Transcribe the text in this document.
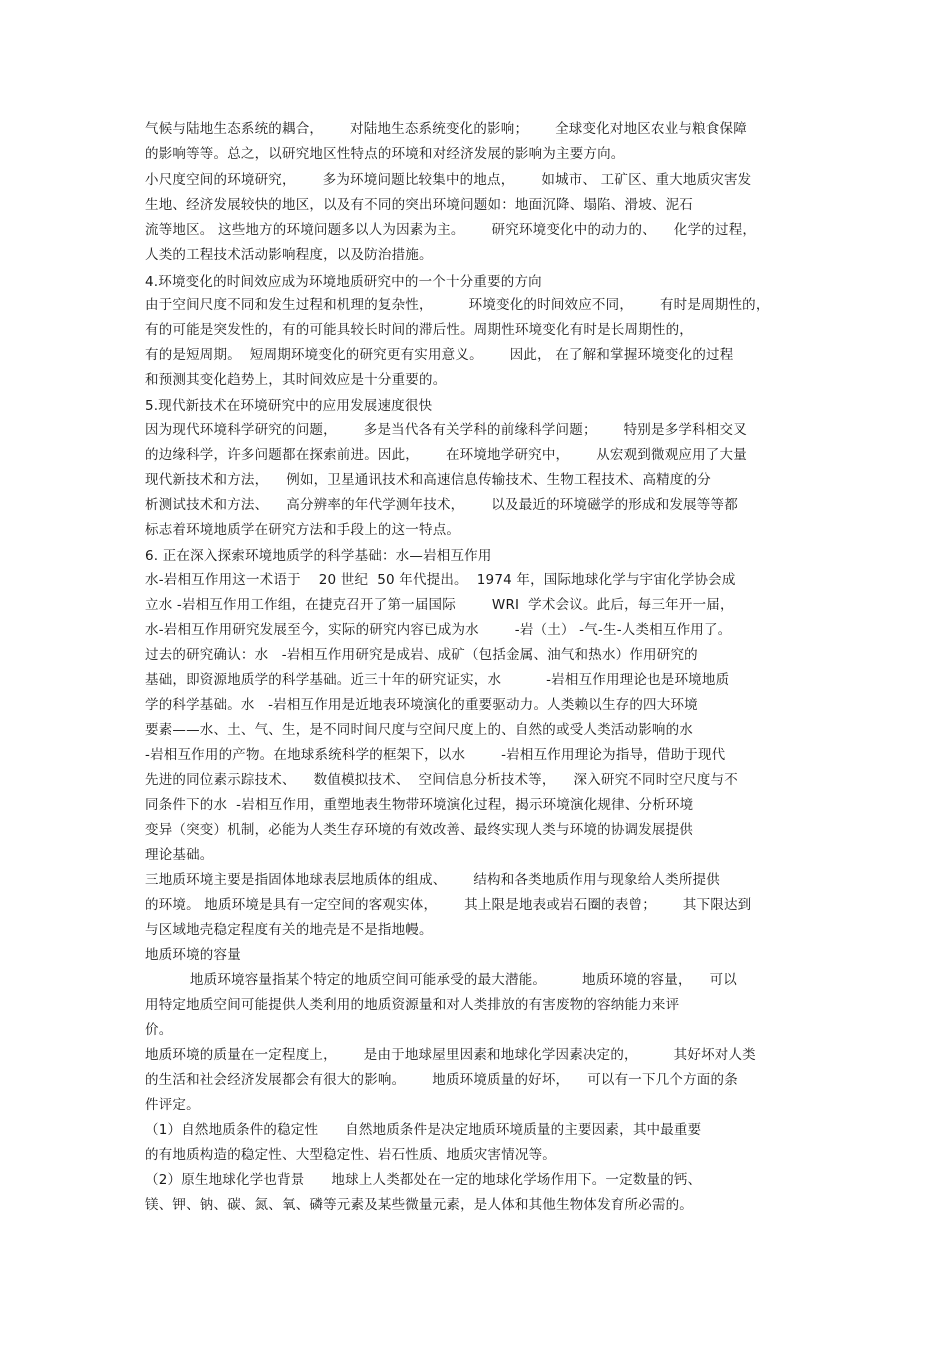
气候与陆地生态系统的耦合，      对陆地生态系统变化的影响；      全球变化对地区农业与粮食保障
的影响等等。总之，以研究地区性特点的环境和对经济发展的影响为主要方向。
小尺度空间的环境研究，      多为环境问题比较集中的地点，      如城市、 工矿区、重大地质灾害发
生地、经济发展较快的地区，以及有不同的突出环境问题如：地面沉降、塌陷、滑坡、泥石
流等地区。 这些地方的环境问题多以人为因素为主。      研究环境变化中的动力的、    化学的过程，
人类的工程技术活动影响程度，以及防治措施。
4.环境变化的时间效应成为环境地质研究中的一个十分重要的方向
由于空间尺度不同和发生过程和机理的复杂性，        环境变化的时间效应不同，      有时是周期性的，
有的可能是突发性的，有的可能具较长时间的滞后性。周期性环境变化有时是长周期性的，
有的是短周期。  短周期环境变化的研究更有实用意义。      因此， 在了解和掌握环境变化的过程
和预测其变化趋势上，其时间效应是十分重要的。
5.现代新技术在环境研究中的应用发展速度很快
因为现代环境科学研究的问题，      多是当代各有关学科的前缘科学问题；      特别是多学科相交叉
的边缘科学，许多问题都在探索前进。因此，      在环境地学研究中，      从宏观到微观应用了大量
现代新技术和方法，    例如，卫星通讯技术和高速信息传输技术、生物工程技术、高精度的分
析测试技术和方法、    高分辨率的年代学测年技术，      以及最近的环境磁学的形成和发展等等都
标志着环境地质学在研究方法和手段上的这一特点。
6. 正在深入探索环境地质学的科学基础：水—岩相互作用
水-岩相互作用这一术语于    20 世纪  50 年代提出。  1974 年，国际地球化学与宇宙化学协会成
立水 -岩相互作用工作组，在捷克召开了第一届国际        WRI  学术会议。此后，每三年开一届，
水-岩相互作用研究发展至今，实际的研究内容已成为水        -岩（土） -气-生-人类相互作用了。
过去的研究确认：水   -岩相互作用研究是成岩、成矿（包括金属、油气和热水）作用研究的
基础，即资源地质学的科学基础。近三十年的研究证实，水          -岩相互作用理论也是环境地质
学的科学基础。水   -岩相互作用是近地表环境演化的重要驱动力。人类赖以生存的四大环境
要素——水、土、气、生，是不同时间尺度与空间尺度上的、自然的或受人类活动影响的水
-岩相互作用的产物。在地球系统科学的框架下，以水        -岩相互作用理论为指导，借助于现代
先进的同位素示踪技术、    数值模拟技术、  空间信息分析技术等，    深入研究不同时空尺度与不
同条件下的水  -岩相互作用，重塑地表生物带环境演化过程，揭示环境演化规律、分析环境
变异（突变）机制，必能为人类生存环境的有效改善、最终实现人类与环境的协调发展提供
理论基础。
三地质环境主要是指固体地球表层地质体的组成、      结构和各类地质作用与现象给人类所提供
的环境。 地质环境是具有一定空间的客观实体，      其上限是地表或岩石圈的表曾；      其下限达到
与区域地壳稳定程度有关的地壳是不是指地幔。
地质环境的容量
地质环境容量指某个特定的地质空间可能承受的最大潜能。        地质环境的容量，    可以
用特定地质空间可能提供人类利用的地质资源量和对人类排放的有害废物的容纳能力来评
价。
地质环境的质量在一定程度上，      是由于地球屋里因素和地球化学因素决定的，        其好坏对人类
的生活和社会经济发展都会有很大的影响。      地质环境质量的好坏，    可以有一下几个方面的条
件评定。
（1）自然地质条件的稳定性      自然地质条件是决定地质环境质量的主要因素，其中最重要
的有地质构造的稳定性、大型稳定性、岩石性质、地质灾害情况等。
（2）原生地球化学也背景      地球上人类都处在一定的地球化学场作用下。一定数量的钙、
镁、钾、钠、碳、氮、氧、磷等元素及某些微量元素，是人体和其他生物体发育所必需的。
